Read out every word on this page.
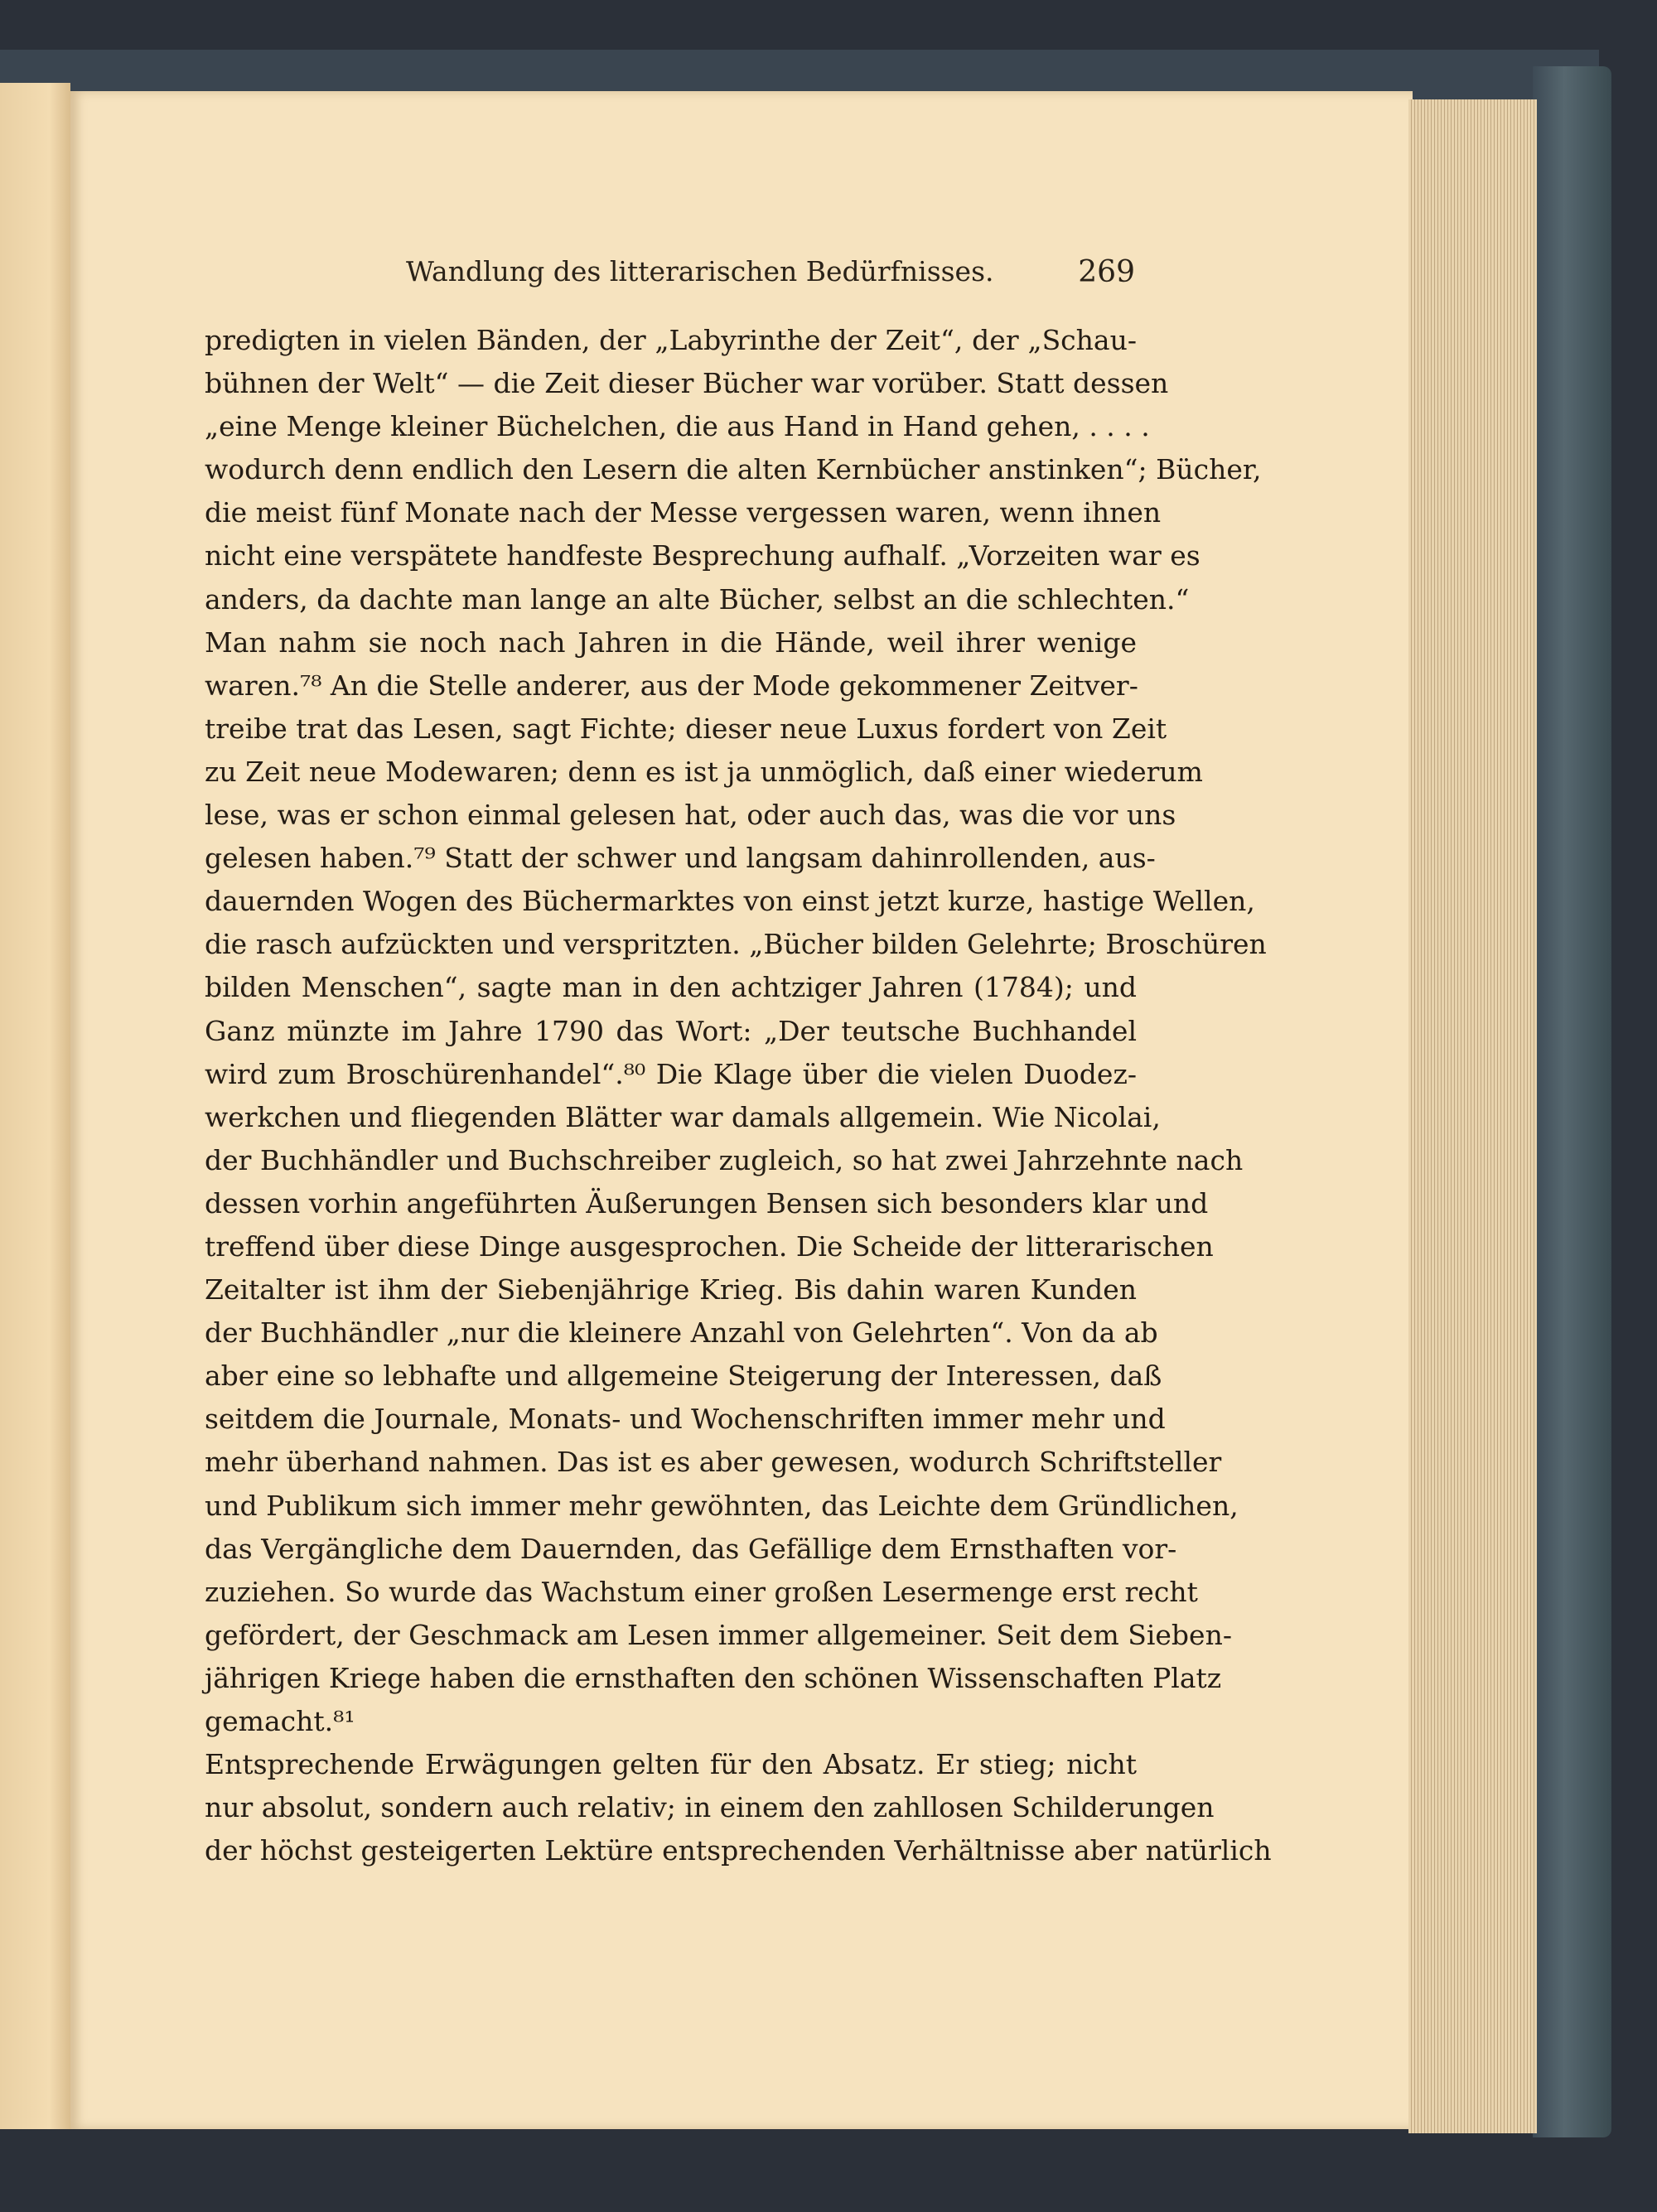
Wandlung des litterarischen Bedürfnisses.	269
predigten in vielen Bänden, der „Labyrinthe der Zeit“, der „Schau-
bühnen der Welt“ — die Zeit dieser Bücher war vorüber. Statt dessen
„eine Menge kleiner Büchelchen, die aus Hand in Hand gehen, . . . .
wodurch denn endlich den Lesern die alten Kernbücher anstinken“; Bücher,
die meist fünf Monate nach der Messe vergessen waren, wenn ihnen
nicht eine verspätete handfeste Besprechung aufhalf. „Vorzeiten war es
anders, da dachte man lange an alte Bücher, selbst an die schlechten.“
Man nahm sie noch nach Jahren in die Hände, weil ihrer wenige
waren.⁷⁸ An die Stelle anderer, aus der Mode gekommener Zeitver-
treibe trat das Lesen, sagt Fichte; dieser neue Luxus fordert von Zeit
zu Zeit neue Modewaren; denn es ist ja unmöglich, daß einer wiederum
lese, was er schon einmal gelesen hat, oder auch das, was die vor uns
gelesen haben.⁷⁹ Statt der schwer und langsam dahinrollenden, aus-
dauernden Wogen des Büchermarktes von einst jetzt kurze, hastige Wellen,
die rasch aufzückten und verspritzten. „Bücher bilden Gelehrte; Broschüren
bilden Menschen“, sagte man in den achtziger Jahren (1784); und
Ganz münzte im Jahre 1790 das Wort: „Der teutsche Buchhandel
wird zum Broschürenhandel“.⁸⁰ Die Klage über die vielen Duodez-
werkchen und fliegenden Blätter war damals allgemein. Wie Nicolai,
der Buchhändler und Buchschreiber zugleich, so hat zwei Jahrzehnte nach
dessen vorhin angeführten Äußerungen Bensen sich besonders klar und
treffend über diese Dinge ausgesprochen. Die Scheide der litterarischen
Zeitalter ist ihm der Siebenjährige Krieg. Bis dahin waren Kunden
der Buchhändler „nur die kleinere Anzahl von Gelehrten“. Von da ab
aber eine so lebhafte und allgemeine Steigerung der Interessen, daß
seitdem die Journale, Monats- und Wochenschriften immer mehr und
mehr überhand nahmen. Das ist es aber gewesen, wodurch Schriftsteller
und Publikum sich immer mehr gewöhnten, das Leichte dem Gründlichen,
das Vergängliche dem Dauernden, das Gefällige dem Ernsthaften vor-
zuziehen. So wurde das Wachstum einer großen Lesermenge erst recht
gefördert, der Geschmack am Lesen immer allgemeiner. Seit dem Sieben-
jährigen Kriege haben die ernsthaften den schönen Wissenschaften Platz
gemacht.⁸¹
Entsprechende Erwägungen gelten für den Absatz. Er stieg; nicht
nur absolut, sondern auch relativ; in einem den zahllosen Schilderungen
der höchst gesteigerten Lektüre entsprechenden Verhältnisse aber natürlich
